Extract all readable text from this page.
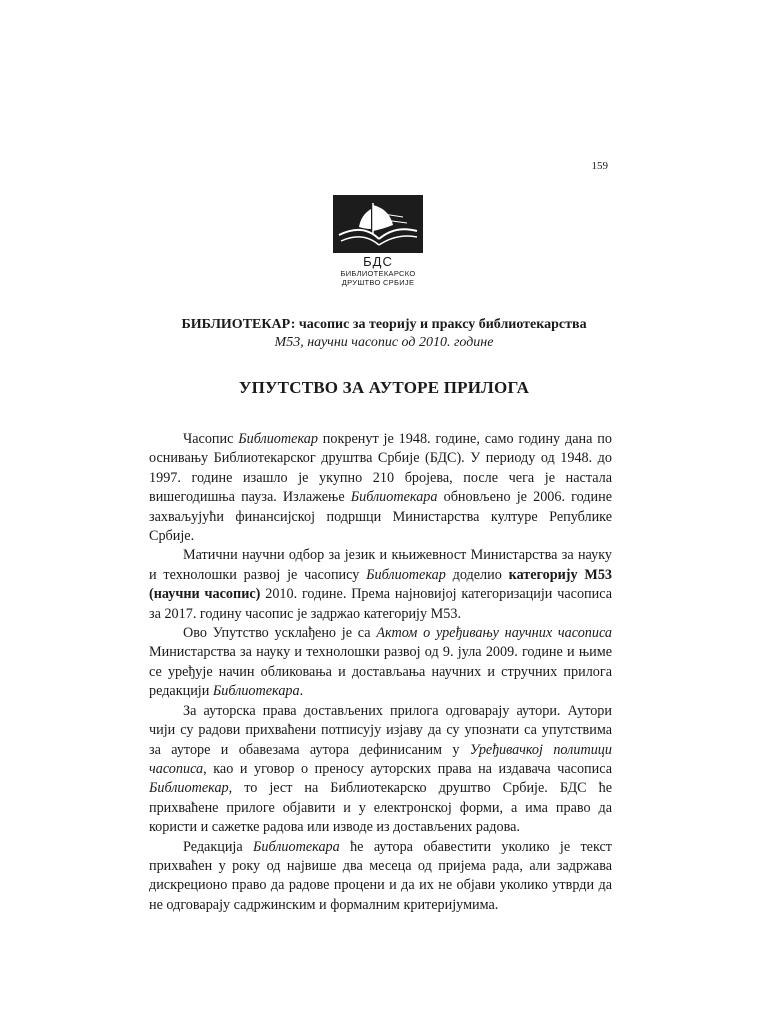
159
БДС
БИБЛИОТЕКАРСКО
ДРУШТВО СРБИЈЕ
БИБЛИОТЕКАР: часопис за теорију и праксу библиотекарства
М53, научни часопис од 2010. године
УПУТСТВО ЗА АУТОРЕ ПРИЛОГА

Часопис Библиотекар покренут је 1948. године, само годину дана по оснивању Библиотекарског друштва Србије (БДС). У периоду од 1948. до 1997. године изашло је укупно 210 бројева, после чега је настала вишегодишња пауза. Излажење Библиотекара обновљено је 2006. године захваљујући финансијској подршци Министарства културе Републике Србије.

Матични научни одбор за језик и књижевност Министарства за науку и технолошки развој је часопису Библиотекар доделио категорију М53 (научни часопис) 2010. године. Према најновијој категоризацији часописа за 2017. годину часопис је задржао категорију М53.

Ово Упутство усклађено је са Актом о уређивању научних часописа Министарства за науку и технолошки развој од 9. јула 2009. године и њиме се уређује начин обликовања и достављања научних и стручних прилога редакцији Библиотекара.

За ауторска права достављених прилога одговарају аутори. Аутори чији су радови прихваћени потписују изјаву да су упознати са упутствима за ауторе и обавезама аутора дефинисаним у Уређивачкој политици часописа, као и уговор о преносу ауторских права на издавача часописа Библиотекар, то јест на Библиотекарско друштво Србије. БДС ће прихваћене прилоге објавити и у електронској форми, а има право да користи и сажетке радова или изводе из достављених радова.

Редакција Библиотекара ће аутора обавестити уколико је текст прихваћен у року од највише два месеца од пријема рада, али задржава дискреционо право да радове процени и да их не објави уколико утврди да не одговарају садржинским и формалним критеријумима.
